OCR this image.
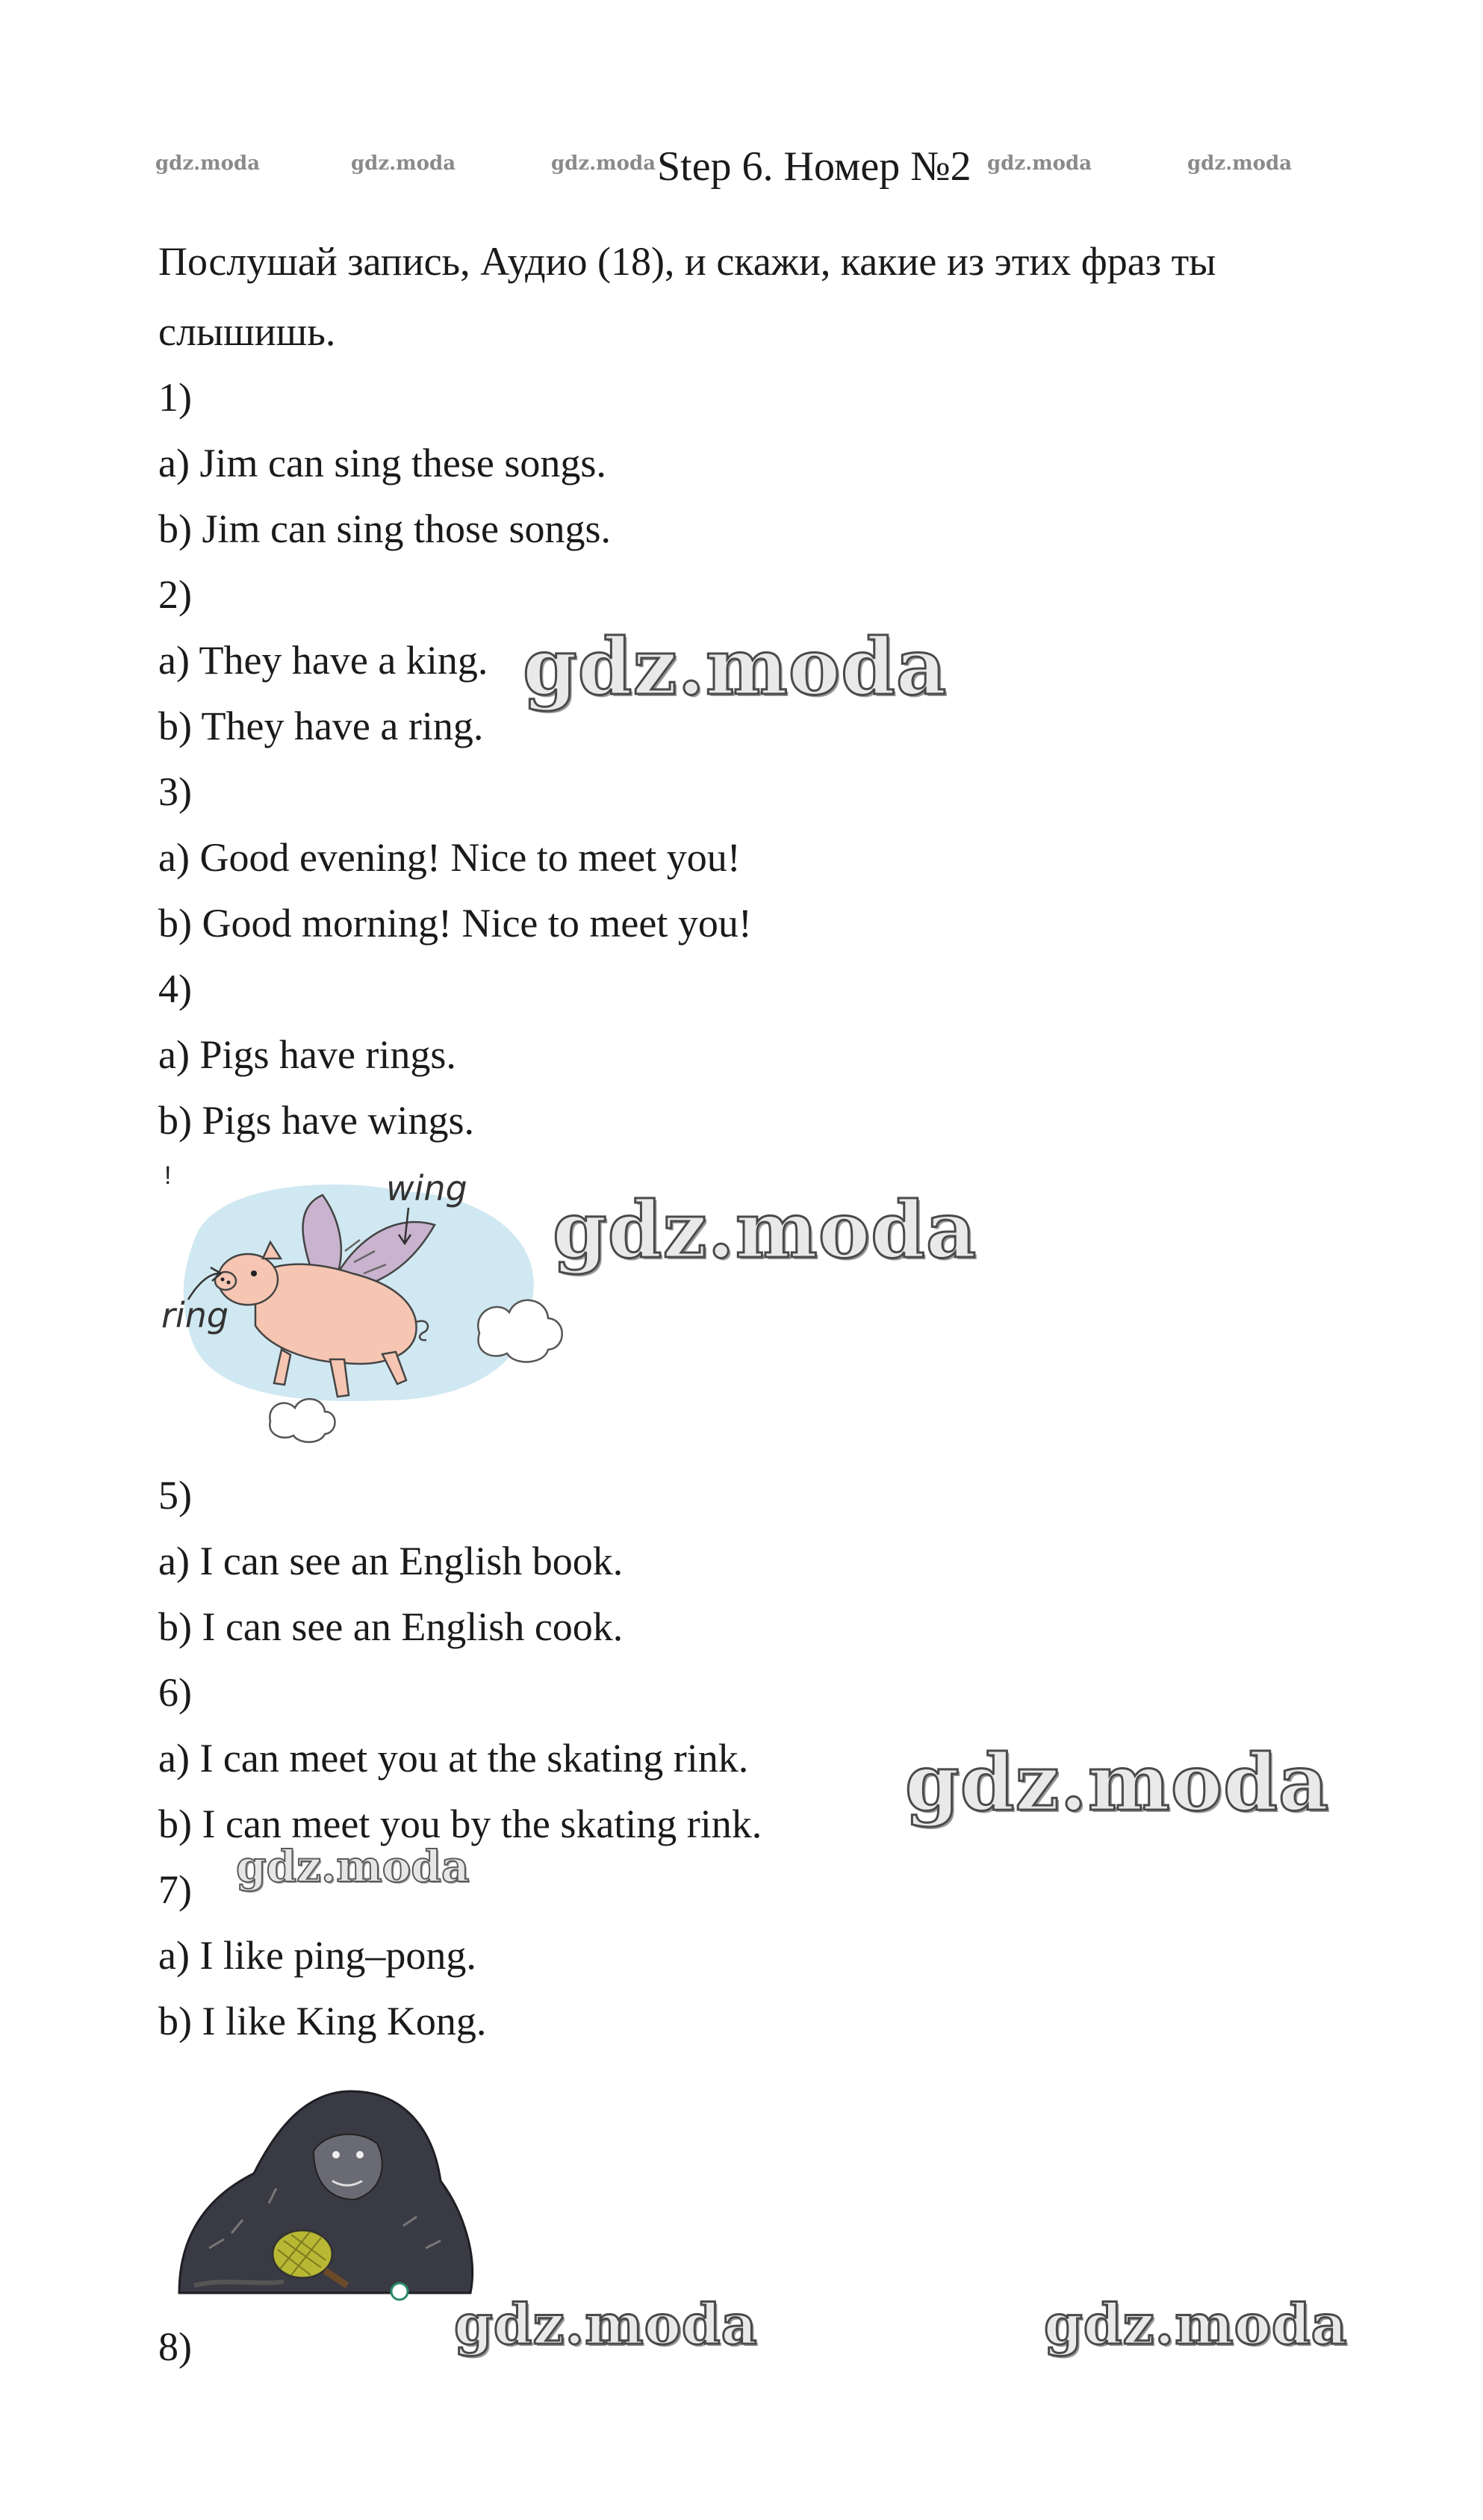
gdz.moda	gdz.moda	gdz.moda	gdz.moda	gdz.moda
Step 6. Номер №2
Послушай запись, Аудио (18), и скажи, какие из этих фраз ты
слышишь.
1)
a) Jim can sing these songs.
b) Jim can sing those songs.
2)
a) They have a king.
b) They have a ring.
3)
a) Good evening! Nice to meet you!
b) Good morning! Nice to meet you!
4)
a) Pigs have rings.
b) Pigs have wings.
!	wing
ring
5)
a) I can see an English book.
b) I can see an English cook.
6)
a) I can meet you at the skating rink.
b) I can meet you by the skating rink.
7)
a) I like ping–pong.
b) I like King Kong.
8)
gdz.moda
gdz.moda
gdz.moda
gdz.moda	gdz.moda
gdz.moda
